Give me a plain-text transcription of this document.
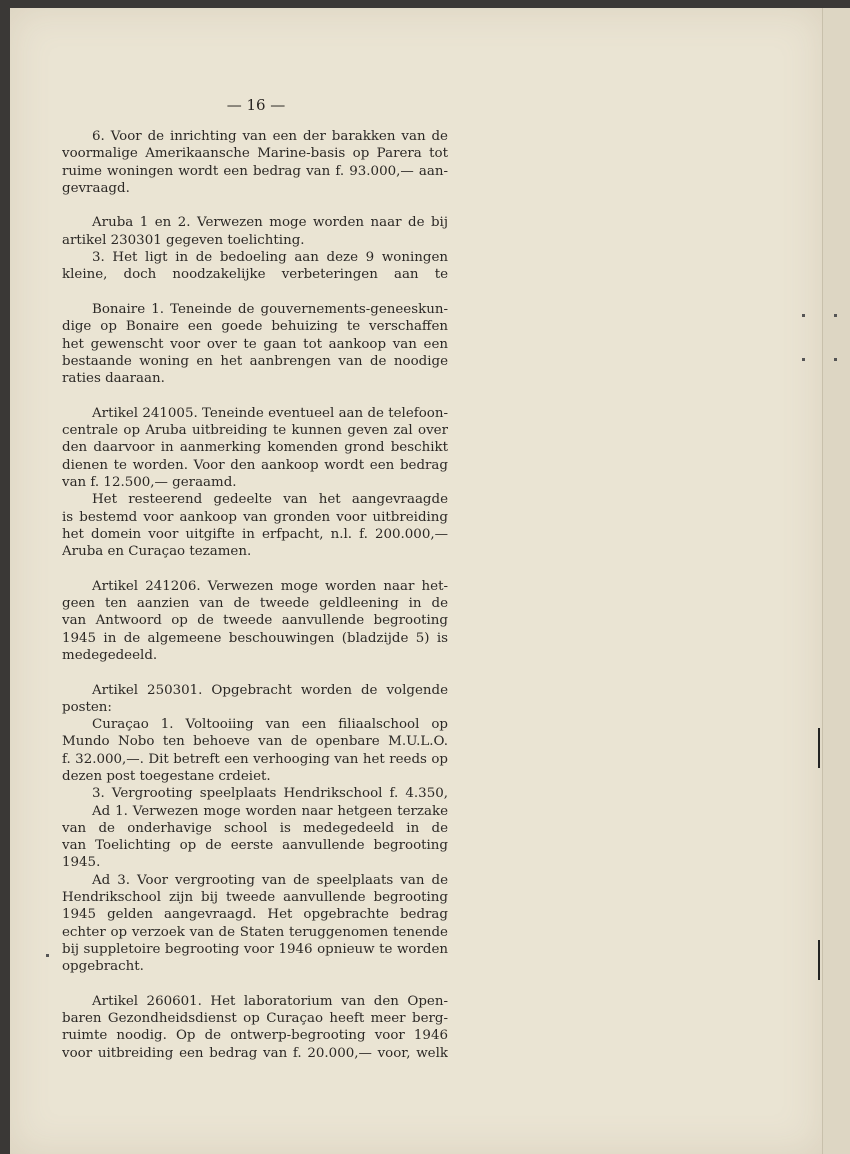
— 16 —
6. Voor de inrichting van een der barakken van de
voormalige Amerikaansche Marine-basis op Parera tot
ruime woningen wordt een bedrag van f. 93.000,— aan-
gevraagd.
Aruba 1 en 2. Verwezen moge worden naar de bij
artikel 230301 gegeven toelichting.
3. Het ligt in de bedoeling aan deze 9 woningen
kleine, doch noodzakelijke verbeteringen aan te
Bonaire 1. Teneinde de gouvernements-geneeskun-
dige op Bonaire een goede behuizing te verschaffen
het gewenscht voor over te gaan tot aankoop van een
bestaande woning en het aanbrengen van de noodige
raties daaraan.
Artikel 241005. Teneinde eventueel aan de telefoon-
centrale op Aruba uitbreiding te kunnen geven zal over
den daarvoor in aanmerking komenden grond beschikt
dienen te worden. Voor den aankoop wordt een bedrag
van f. 12.500,— geraamd.
Het resteerend gedeelte van het aangevraagde
is bestemd voor aankoop van gronden voor uitbreiding
het domein voor uitgifte in erfpacht, n.l. f. 200.000,—
Aruba en Curaçao tezamen.
Artikel 241206. Verwezen moge worden naar het-
geen ten aanzien van de tweede geldleening in de
van Antwoord op de tweede aanvullende begrooting
1945 in de algemeene beschouwingen (bladzijde 5) is
medegedeeld.
Artikel 250301. Opgebracht worden de volgende
posten:
Curaçao 1. Voltooiing van een filiaalschool op
Mundo Nobo ten behoeve van de openbare M.U.L.O.
f. 32.000,—. Dit betreft een verhooging van het reeds op
dezen post toegestane crdeiet.
3. Vergrooting speelplaats Hendrikschool f. 4.350,
Ad 1. Verwezen moge worden naar hetgeen terzake
van de onderhavige school is medegedeeld in de
van Toelichting op de eerste aanvullende begrooting
1945.
Ad 3. Voor vergrooting van de speelplaats van de
Hendrikschool zijn bij tweede aanvullende begrooting
1945 gelden aangevraagd. Het opgebrachte bedrag
echter op verzoek van de Staten teruggenomen tenende
bij suppletoire begrooting voor 1946 opnieuw te worden
opgebracht.
Artikel 260601. Het laboratorium van den Open-
baren Gezondheidsdienst op Curaçao heeft meer berg-
ruimte noodig. Op de ontwerp-begrooting voor 1946
voor uitbreiding een bedrag van f. 20.000,— voor, welk
